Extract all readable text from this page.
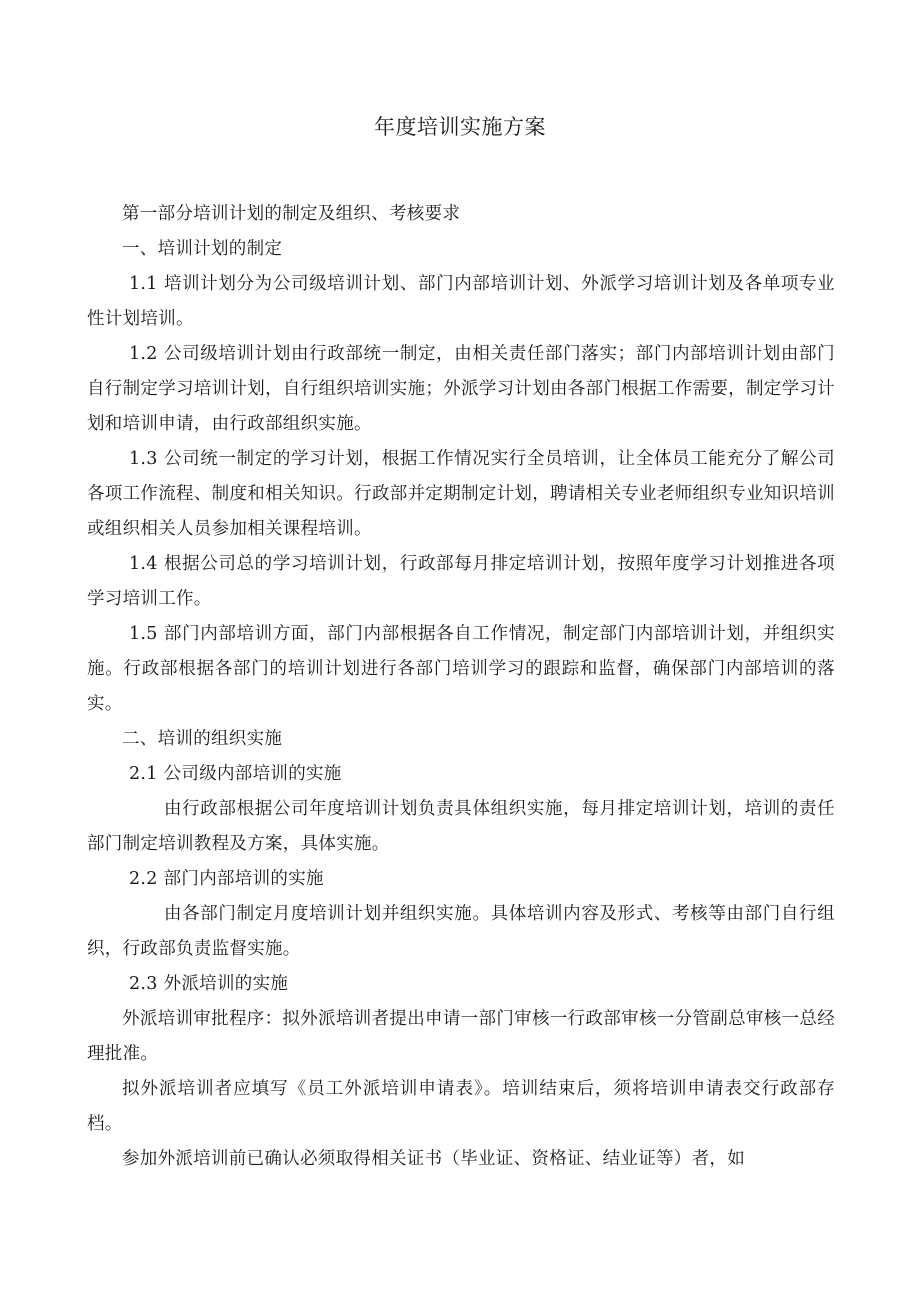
年度培训实施方案

第一部分培训计划的制定及组织、考核要求

一、培训计划的制定

1.1 培训计划分为公司级培训计划、部门内部培训计划、外派学习培训计划及各单项专业性计划培训。

1.2 公司级培训计划由行政部统一制定，由相关责任部门落实；部门内部培训计划由部门自行制定学习培训计划，自行组织培训实施；外派学习计划由各部门根据工作需要，制定学习计划和培训申请，由行政部组织实施。

1.3 公司统一制定的学习计划，根据工作情况实行全员培训，让全体员工能充分了解公司各项工作流程、制度和相关知识。行政部并定期制定计划，聘请相关专业老师组织专业知识培训或组织相关人员参加相关课程培训。

1.4 根据公司总的学习培训计划，行政部每月排定培训计划，按照年度学习计划推进各项学习培训工作。

1.5 部门内部培训方面，部门内部根据各自工作情况，制定部门内部培训计划，并组织实施。行政部根据各部门的培训计划进行各部门培训学习的跟踪和监督，确保部门内部培训的落实。

二、培训的组织实施

2.1 公司级内部培训的实施

由行政部根据公司年度培训计划负责具体组织实施，每月排定培训计划，培训的责任部门制定培训教程及方案，具体实施。

2.2 部门内部培训的实施

由各部门制定月度培训计划并组织实施。具体培训内容及形式、考核等由部门自行组织，行政部负责监督实施。

2.3 外派培训的实施

外派培训审批程序：拟外派培训者提出申请一部门审核一行政部审核一分管副总审核一总经理批准。

拟外派培训者应填写《员工外派培训申请表》。培训结束后，须将培训申请表交行政部存档。

参加外派培训前已确认必须取得相关证书（毕业证、资格证、结业证等）者，如
